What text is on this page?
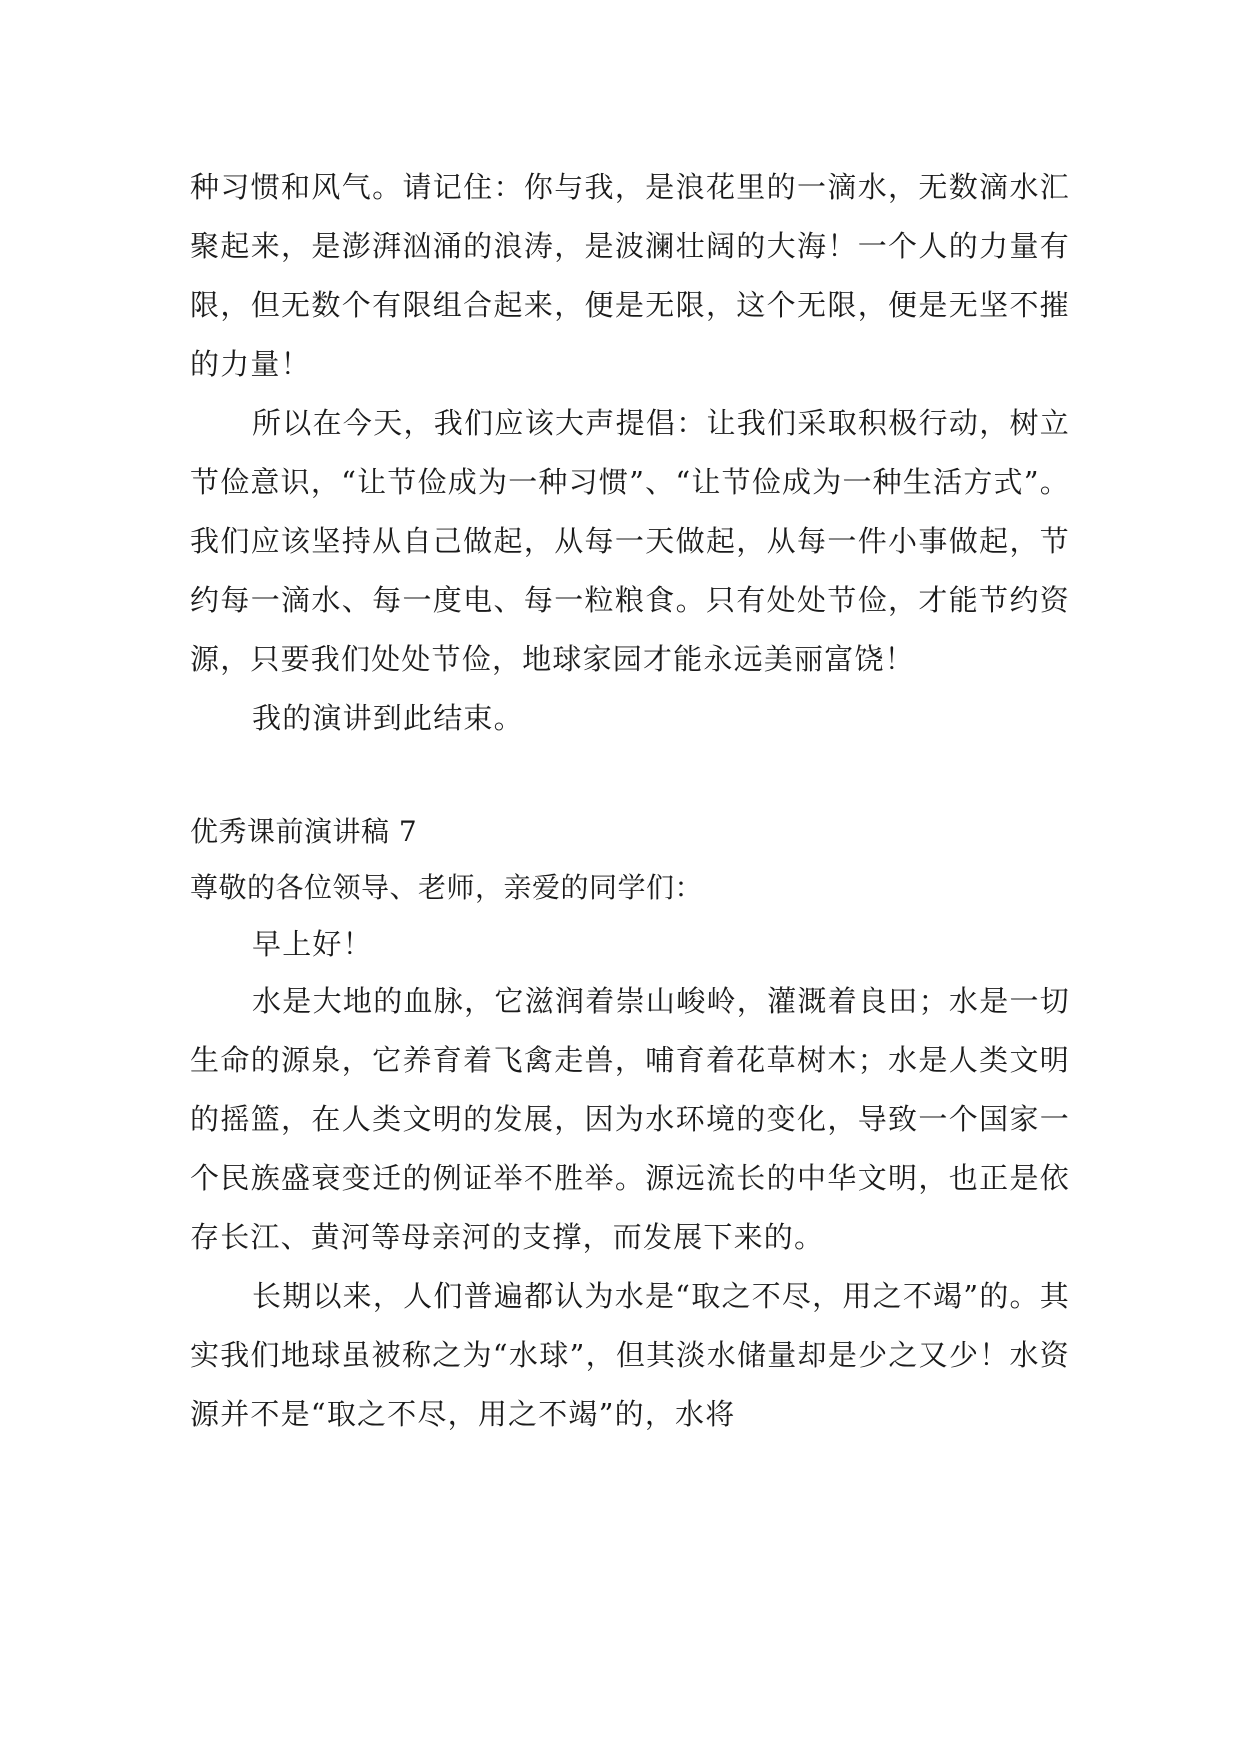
种习惯和风气。请记住：你与我，是浪花里的一滴水，无数滴水汇聚起来，是澎湃汹涌的浪涛，是波澜壮阔的大海！一个人的力量有限，但无数个有限组合起来，便是无限，这个无限，便是无坚不摧的力量！

所以在今天，我们应该大声提倡：让我们采取积极行动，树立节俭意识，“让节俭成为一种习惯”、“让节俭成为一种生活方式”。我们应该坚持从自己做起，从每一天做起，从每一件小事做起，节约每一滴水、每一度电、每一粒粮食。只有处处节俭，才能节约资源，只要我们处处节俭，地球家园才能永远美丽富饶！

我的演讲到此结束。

优秀课前演讲稿 7

尊敬的各位领导、老师，亲爱的同学们：

早上好！

水是大地的血脉，它滋润着崇山峻岭，灌溉着良田；水是一切生命的源泉，它养育着飞禽走兽，哺育着花草树木；水是人类文明的摇篮，在人类文明的发展，因为水环境的变化，导致一个国家一个民族盛衰变迁的例证举不胜举。源远流长的中华文明，也正是依存长江、黄河等母亲河的支撑，而发展下来的。

长期以来，人们普遍都认为水是“取之不尽，用之不竭”的。其实我们地球虽被称之为“水球”，但其淡水储量却是少之又少！水资源并不是“取之不尽，用之不竭”的，水将
